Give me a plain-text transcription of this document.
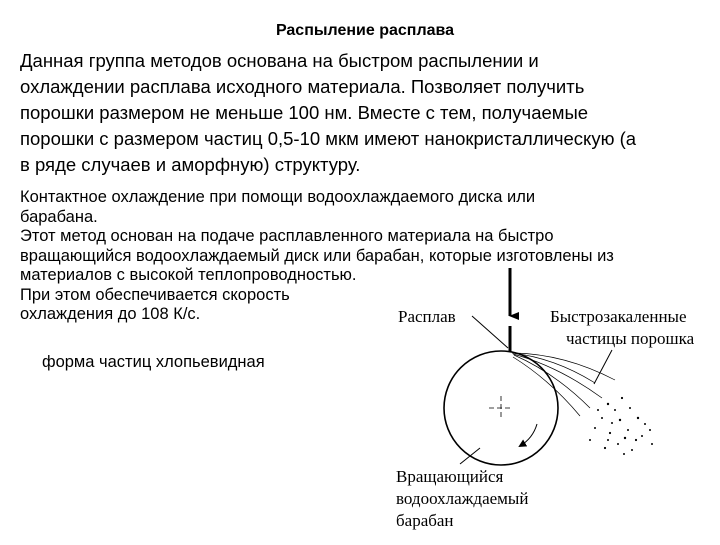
Распыление расплава

Данная группа методов основана на быстром распылении и

охлаждении расплава исходного материала. Позволяет получить

порошки размером не меньше 100 нм. Вместе с тем, получаемые

порошки с размером частиц 0,5-10 мкм имеют нанокристаллическую (а

в ряде случаев и аморфную) структуру.

Контактное охлаждение при помощи водоохлаждаемого диска или
барабана.
Этот метод основан на подаче расплавленного материала на быстро
вращающийся водоохлаждаемый диск или барабан, которые изготовлены из
материалов с высокой теплопроводностью.
При этом обеспечивается скорость
охлаждения до 108 К/с.
форма частиц хлопьевидная
Расплав	Быстрозакаленные
частицы порошка
Вращающийся
водоохлаждаемый
барабан
